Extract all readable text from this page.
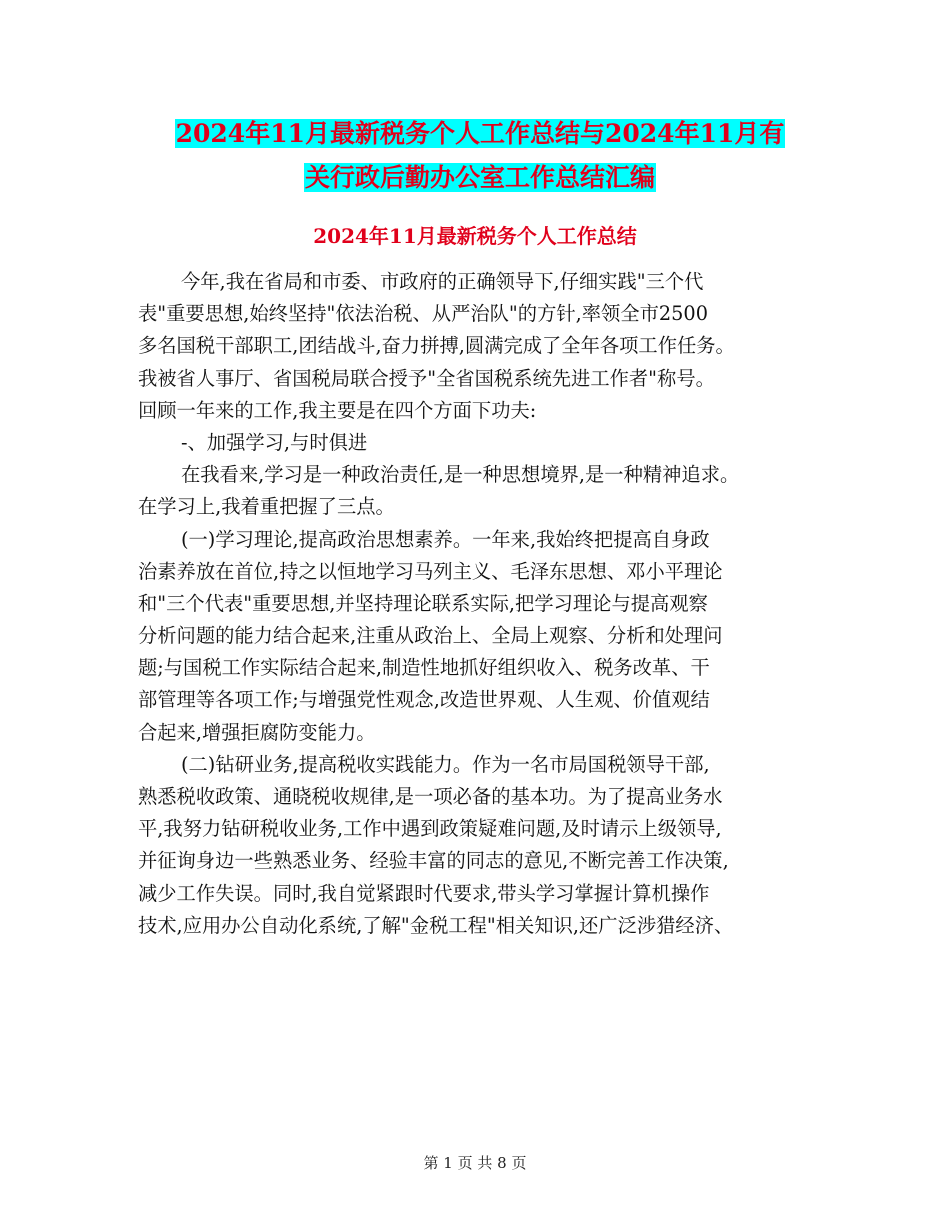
2024年11月最新税务个人工作总结与2024年11月有
关行政后勤办公室工作总结汇编
2024年11月最新税务个人工作总结
今年,我在省局和市委、市政府的正确领导下,仔细实践"三个代
表"重要思想,始终坚持"依法治税、从严治队"的方针,率领全市2500
多名国税干部职工,团结战斗,奋力拼搏,圆满完成了全年各项工作任务。
我被省人事厅、省国税局联合授予"全省国税系统先进工作者"称号。
回顾一年来的工作,我主要是在四个方面下功夫:
-、加强学习,与时俱进
在我看来,学习是一种政治责任,是一种思想境界,是一种精神追求。
在学习上,我着重把握了三点。
(一)学习理论,提高政治思想素养。一年来,我始终把提高自身政
治素养放在首位,持之以恒地学习马列主义、毛泽东思想、邓小平理论
和"三个代表"重要思想,并坚持理论联系实际,把学习理论与提高观察
分析问题的能力结合起来,注重从政治上、全局上观察、分析和处理问
题;与国税工作实际结合起来,制造性地抓好组织收入、税务改革、干
部管理等各项工作;与增强党性观念,改造世界观、人生观、价值观结
合起来,增强拒腐防变能力。
(二)钻研业务,提高税收实践能力。作为一名市局国税领导干部,
熟悉税收政策、通晓税收规律,是一项必备的基本功。为了提高业务水
平,我努力钻研税收业务,工作中遇到政策疑难问题,及时请示上级领导,
并征询身边一些熟悉业务、经验丰富的同志的意见,不断完善工作决策,
减少工作失误。同时,我自觉紧跟时代要求,带头学习掌握计算机操作
技术,应用办公自动化系统,了解"金税工程"相关知识,还广泛涉猎经济、
第 1 页 共 8 页
